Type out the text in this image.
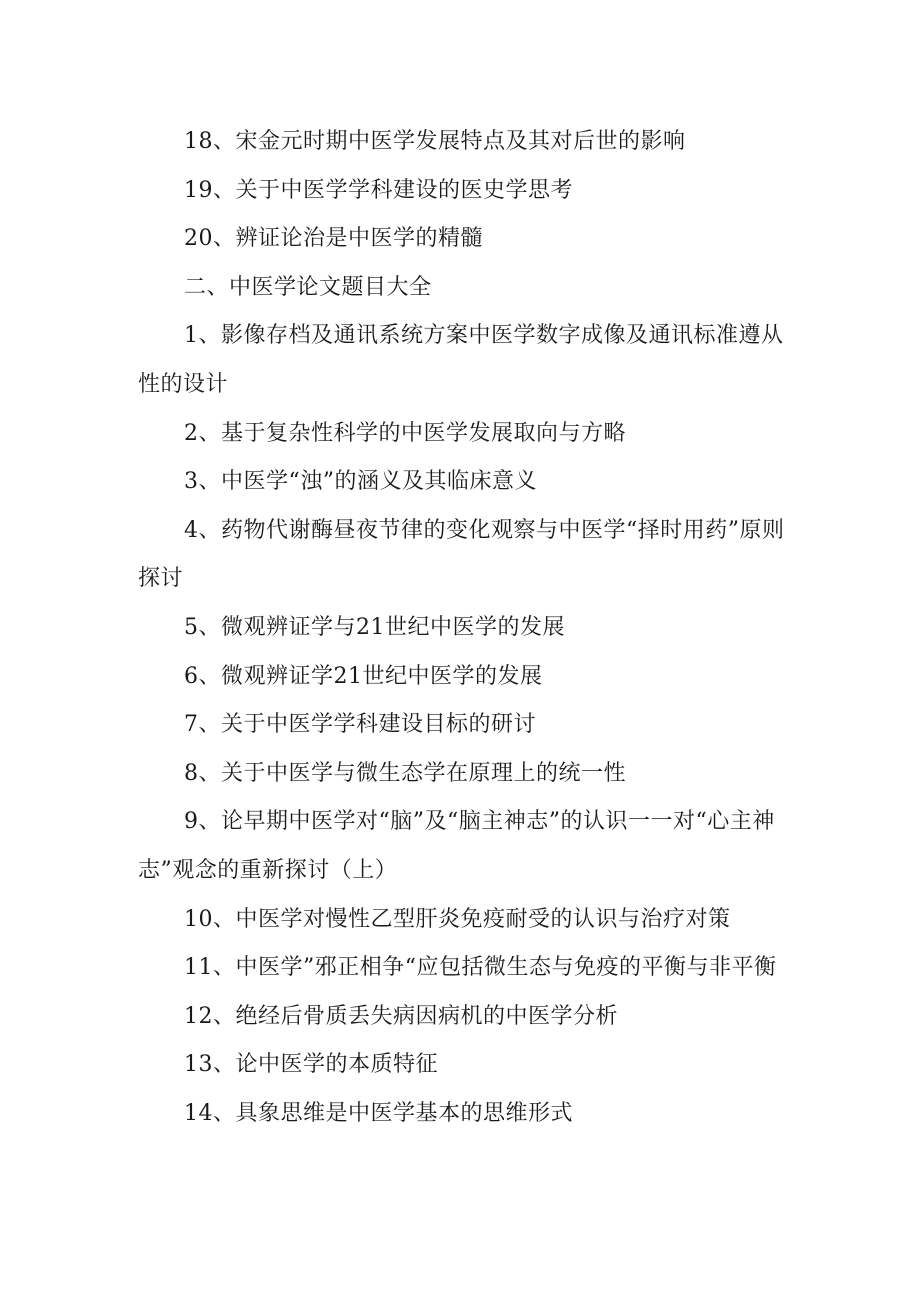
18、宋金元时期中医学发展特点及其对后世的影响

19、关于中医学学科建设的医史学思考

20、辨证论治是中医学的精髓

二、中医学论文题目大全

1、影像存档及通讯系统方案中医学数字成像及通讯标准遵从性的设计

2、基于复杂性科学的中医学发展取向与方略

3、中医学“浊”的涵义及其临床意义

4、药物代谢酶昼夜节律的变化观察与中医学“择时用药”原则探讨

5、微观辨证学与21世纪中医学的发展

6、微观辨证学21世纪中医学的发展

7、关于中医学学科建设目标的研讨

8、关于中医学与微生态学在原理上的统一性

9、论早期中医学对“脑”及“脑主神志”的认识一一对“心主神志”观念的重新探讨（上）

10、中医学对慢性乙型肝炎免疫耐受的认识与治疗对策

11、中医学”邪正相争“应包括微生态与免疫的平衡与非平衡

12、绝经后骨质丢失病因病机的中医学分析

13、论中医学的本质特征

14、具象思维是中医学基本的思维形式
